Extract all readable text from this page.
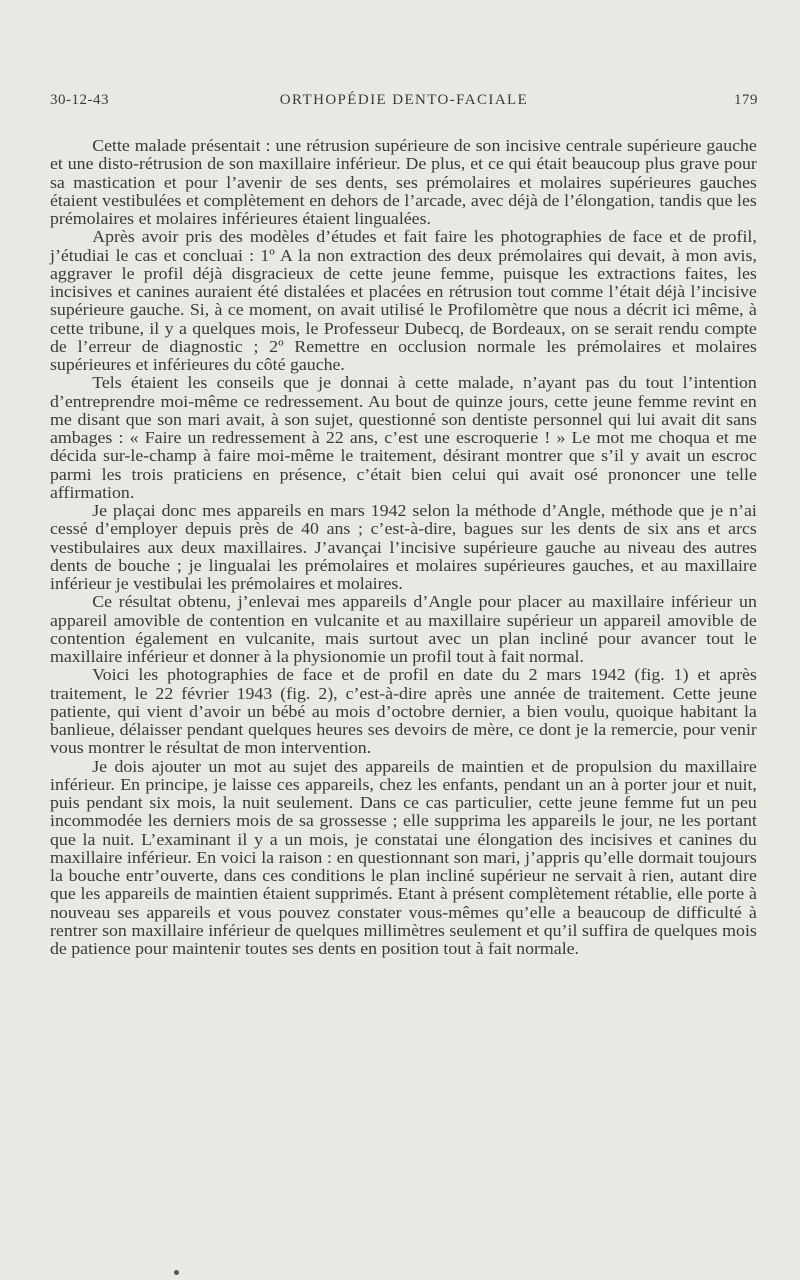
30-12-43	ORTHOPÉDIE DENTO-FACIALE	179

Cette malade présentait : une rétrusion supérieure de son incisive centrale supérieure gauche et une disto-rétrusion de son maxillaire inférieur. De plus, et ce qui était beaucoup plus grave pour sa mastication et pour l’avenir de ses dents, ses prémolaires et molaires supérieures gauches étaient vestibulées et complètement en dehors de l’arcade, avec déjà de l’élongation, tandis que les prémolaires et molaires inférieures étaient lingualées.

Après avoir pris des modèles d’études et fait faire les photographies de face et de profil, j’étudiai le cas et concluai : 1º A la non extraction des deux prémolaires qui devait, à mon avis, aggraver le profil déjà disgracieux de cette jeune femme, puisque les extractions faites, les incisives et canines auraient été distalées et placées en rétrusion tout comme l’était déjà l’incisive supérieure gauche. Si, à ce moment, on avait utilisé le Profilomètre que nous a décrit ici même, à cette tribune, il y a quelques mois, le Professeur Dubecq, de Bordeaux, on se serait rendu compte de l’erreur de diagnostic ; 2º Remettre en occlusion normale les prémolaires et molaires supérieures et inférieures du côté gauche.

Tels étaient les conseils que je donnai à cette malade, n’ayant pas du tout l’intention d’entreprendre moi-même ce redressement. Au bout de quinze jours, cette jeune femme revint en me disant que son mari avait, à son sujet, questionné son dentiste personnel qui lui avait dit sans ambages : « Faire un redressement à 22 ans, c’est une escroquerie ! » Le mot me choqua et me décida sur-le-champ à faire moi-même le traitement, désirant montrer que s’il y avait un escroc parmi les trois praticiens en présence, c’était bien celui qui avait osé prononcer une telle affirmation.

Je plaçai donc mes appareils en mars 1942 selon la méthode d’Angle, méthode que je n’ai cessé d’employer depuis près de 40 ans ; c’est-à-dire, bagues sur les dents de six ans et arcs vestibulaires aux deux maxillaires. J’avançai l’incisive supérieure gauche au niveau des autres dents de bouche ; je lingualai les prémolaires et molaires supérieures gauches, et au maxillaire inférieur je vestibulai les prémolaires et molaires.

Ce résultat obtenu, j’enlevai mes appareils d’Angle pour placer au maxillaire inférieur un appareil amovible de contention en vulcanite et au maxillaire supérieur un appareil amovible de contention également en vulcanite, mais surtout avec un plan incliné pour avancer tout le maxillaire inférieur et donner à la physionomie un profil tout à fait normal.

Voici les photographies de face et de profil en date du 2 mars 1942 (fig. 1) et après traitement, le 22 février 1943 (fig. 2), c’est-à-dire après une année de traitement. Cette jeune patiente, qui vient d’avoir un bébé au mois d’octobre dernier, a bien voulu, quoique habitant la banlieue, délaisser pendant quelques heures ses devoirs de mère, ce dont je la remercie, pour venir vous montrer le résultat de mon intervention.

Je dois ajouter un mot au sujet des appareils de maintien et de propulsion du maxillaire inférieur. En principe, je laisse ces appareils, chez les enfants, pendant un an à porter jour et nuit, puis pendant six mois, la nuit seulement. Dans ce cas particulier, cette jeune femme fut un peu incommodée les derniers mois de sa grossesse ; elle supprima les appareils le jour, ne les portant que la nuit. L’examinant il y a un mois, je constatai une élongation des incisives et canines du maxillaire inférieur. En voici la raison : en questionnant son mari, j’appris qu’elle dormait toujours la bouche entr’ouverte, dans ces conditions le plan incliné supérieur ne servait à rien, autant dire que les appareils de maintien étaient supprimés. Etant à présent complètement rétablie, elle porte à nouveau ses appareils et vous pouvez constater vous-mêmes qu’elle a beaucoup de difficulté à rentrer son maxillaire inférieur de quelques millimètres seulement et qu’il suffira de quelques mois de patience pour maintenir toutes ses dents en position tout à fait normale.
